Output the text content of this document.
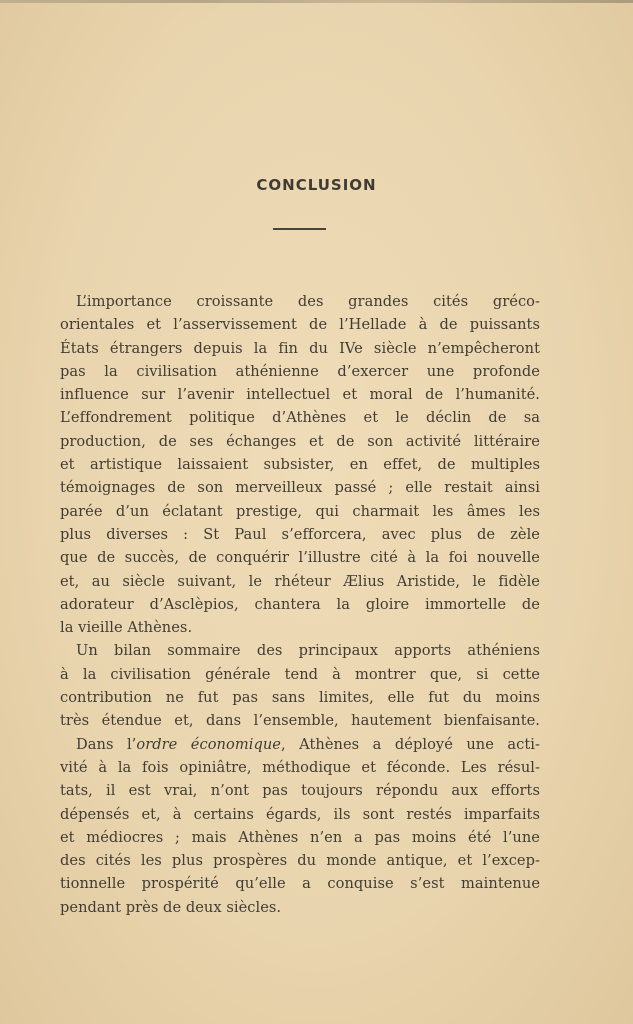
CONCLUSION
L’importance croissante des grandes cités gréco-
orientales et l’asservissement de l’Hellade à de puissants
États étrangers depuis la fin du IVe siècle n’empêcheront
pas la civilisation athénienne d’exercer une profonde
influence sur l’avenir intellectuel et moral de l’humanité.
L’effondrement politique d’Athènes et le déclin de sa
production, de ses échanges et de son activité littéraire
et artistique laissaient subsister, en effet, de multiples
témoignages de son merveilleux passé ; elle restait ainsi
parée d’un éclatant prestige, qui charmait les âmes les
plus diverses : St Paul s’efforcera, avec plus de zèle
que de succès, de conquérir l’illustre cité à la foi nouvelle
et, au siècle suivant, le rhéteur Ælius Aristide, le fidèle
adorateur d’Asclèpios, chantera la gloire immortelle de
la vieille Athènes.
Un bilan sommaire des principaux apports athéniens
à la civilisation générale tend à montrer que, si cette
contribution ne fut pas sans limites, elle fut du moins
très étendue et, dans l’ensemble, hautement bienfaisante.
Dans l’ordre économique, Athènes a déployé une acti-
vité à la fois opiniâtre, méthodique et féconde. Les résul-
tats, il est vrai, n’ont pas toujours répondu aux efforts
dépensés et, à certains égards, ils sont restés imparfaits
et médiocres ; mais Athènes n’en a pas moins été l’une
des cités les plus prospères du monde antique, et l’excep-
tionnelle prospérité qu’elle a conquise s’est maintenue
pendant près de deux siècles.
